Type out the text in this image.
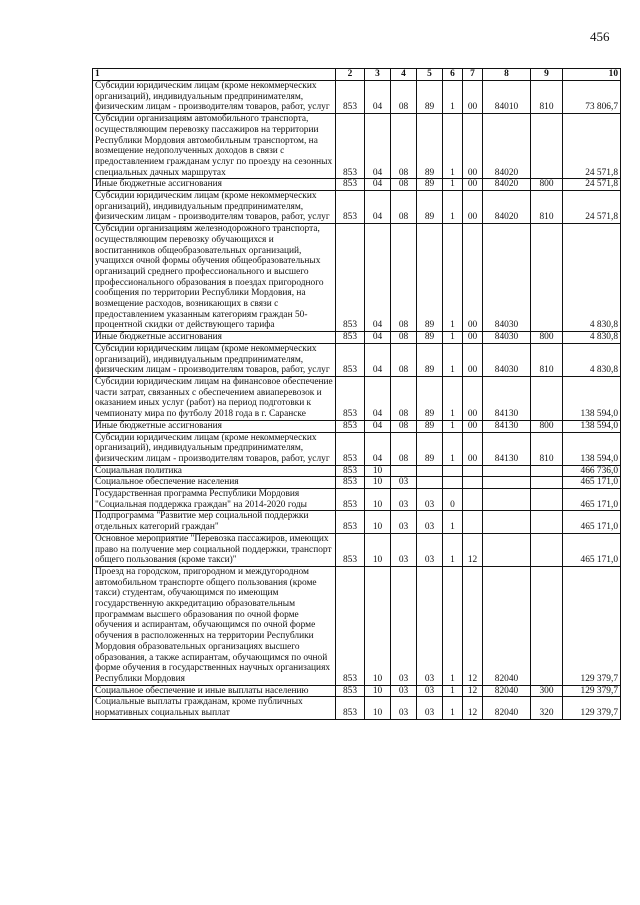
456
1	2	3	4	5	6	7	8	9	10
Субсидии юридическим лицам (кроме некоммерческих организаций), индивидуальным предпринимателям, физическим лицам - производителям товаров, работ, услуг	853	04	08	89	1	00	84010	810	73 806,7
Субсидии организациям автомобильного транспорта, осуществляющим перевозку пассажиров на территории Республики Мордовия автомобильным транспортом, на возмещение недополученных доходов в связи с предоставлением гражданам услуг по проезду на сезонных специальных дачных маршрутах	853	04	08	89	1	00	84020		24 571,8
Иные бюджетные ассигнования	853	04	08	89	1	00	84020	800	24 571,8
Субсидии юридическим лицам (кроме некоммерческих организаций), индивидуальным предпринимателям, физическим лицам - производителям товаров, работ, услуг	853	04	08	89	1	00	84020	810	24 571,8
Субсидии организациям железнодорожного транспорта, осуществляющим перевозку обучающихся и воспитанников общеобразовательных организаций, учащихся очной формы обучения общеобразовательных организаций среднего профессионального и высшего профессионального образования в поездах пригородного сообщения по территории Республики Мордовия, на возмещение расходов, возникающих в связи с предоставлением указанным категориям граждан 50-процентной скидки от действующего тарифа	853	04	08	89	1	00	84030		4 830,8
Иные бюджетные ассигнования	853	04	08	89	1	00	84030	800	4 830,8
Субсидии юридическим лицам (кроме некоммерческих организаций), индивидуальным предпринимателям, физическим лицам - производителям товаров, работ, услуг	853	04	08	89	1	00	84030	810	4 830,8
Субсидии юридическим лицам на финансовое обеспечение части затрат, связанных с обеспечением авиаперевозок и оказанием иных услуг (работ) на период подготовки к чемпионату мира по футболу 2018 года в г. Саранске	853	04	08	89	1	00	84130		138 594,0
Иные бюджетные ассигнования	853	04	08	89	1	00	84130	800	138 594,0
Субсидии юридическим лицам (кроме некоммерческих организаций), индивидуальным предпринимателям, физическим лицам - производителям товаров, работ, услуг	853	04	08	89	1	00	84130	810	138 594,0
Социальная политика	853	10							466 736,0
Социальное обеспечение населения	853	10	03						465 171,0
Государственная программа Республики Мордовия "Социальная поддержка граждан" на 2014-2020 годы	853	10	03	03	0				465 171,0
Подпрограмма "Развитие мер социальной поддержки отдельных категорий граждан"	853	10	03	03	1				465 171,0
Основное мероприятие "Перевозка пассажиров, имеющих право на получение мер социальной поддержки, транспорт общего пользования (кроме такси)"	853	10	03	03	1	12			465 171,0
Проезд на городском, пригородном и междугородном автомобильном транспорте общего пользования (кроме такси) студентам, обучающимся по имеющим государственную аккредитацию образовательным программам высшего образования по очной форме обучения и аспирантам, обучающимся по очной форме обучения в расположенных на территории Республики Мордовия образовательных организациях высшего образования, а также аспирантам, обучающимся по очной форме обучения в государственных научных организациях Республики Мордовия	853	10	03	03	1	12	82040		129 379,7
Социальное обеспечение и иные выплаты населению	853	10	03	03	1	12	82040	300	129 379,7
Социальные выплаты гражданам, кроме публичных нормативных социальных выплат	853	10	03	03	1	12	82040	320	129 379,7
